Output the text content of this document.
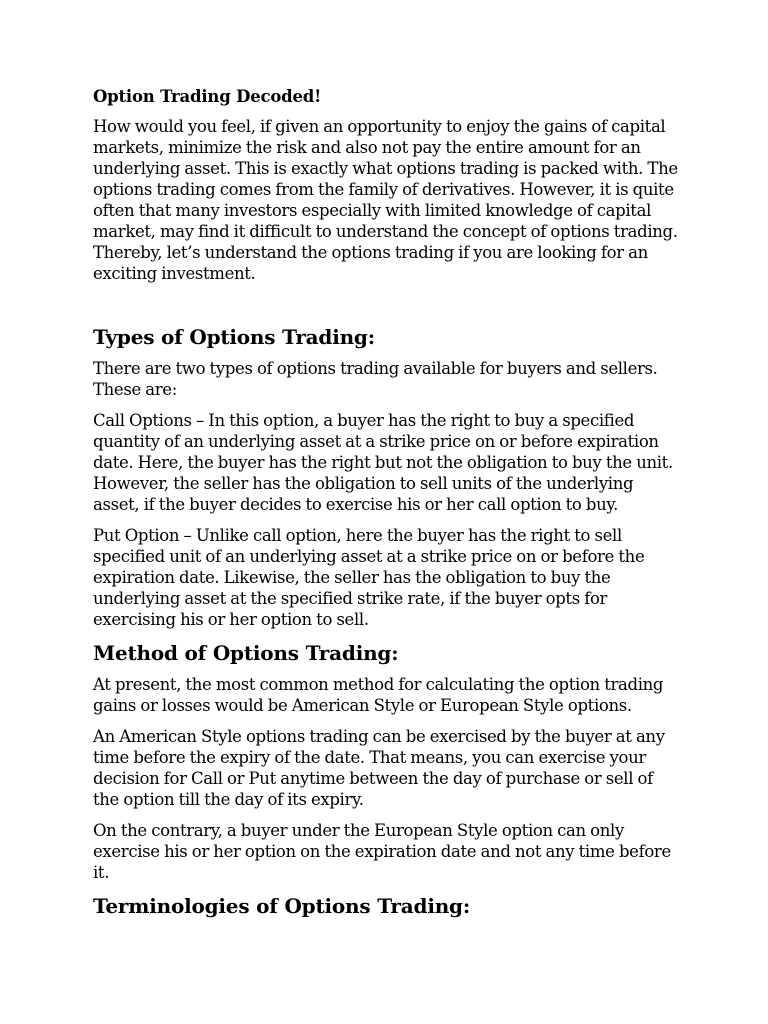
Option Trading Decoded!

How would you feel, if given an opportunity to enjoy the gains of capital markets, minimize the risk and also not pay the entire amount for an underlying asset. This is exactly what options trading is packed with. The options trading comes from the family of derivatives. However, it is quite often that many investors especially with limited knowledge of capital market, may find it difficult to understand the concept of options trading. Thereby, let’s understand the options trading if you are looking for an exciting investment.

Types of Options Trading:

There are two types of options trading available for buyers and sellers. These are:

Call Options – In this option, a buyer has the right to buy a specified quantity of an underlying asset at a strike price on or before expiration date. Here, the buyer has the right but not the obligation to buy the unit. However, the seller has the obligation to sell units of the underlying asset, if the buyer decides to exercise his or her call option to buy.

Put Option – Unlike call option, here the buyer has the right to sell specified unit of an underlying asset at a strike price on or before the expiration date. Likewise, the seller has the obligation to buy the underlying asset at the specified strike rate, if the buyer opts for exercising his or her option to sell.

Method of Options Trading:

At present, the most common method for calculating the option trading gains or losses would be American Style or European Style options.

An American Style options trading can be exercised by the buyer at any time before the expiry of the date. That means, you can exercise your decision for Call or Put anytime between the day of purchase or sell of the option till the day of its expiry.

On the contrary, a buyer under the European Style option can only exercise his or her option on the expiration date and not any time before it.

Terminologies of Options Trading:
